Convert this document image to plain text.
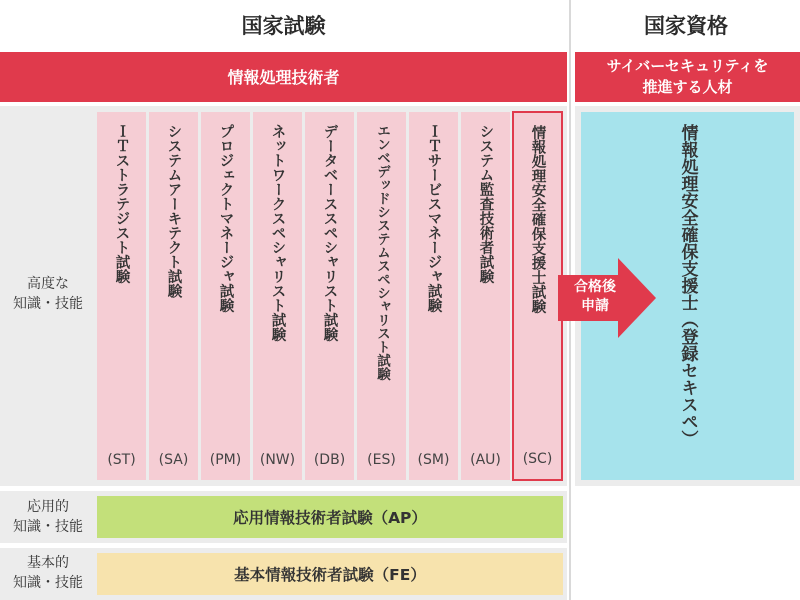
国家試験	国家資格
情報処理技術者
サイバーセキュリティを
推進する人材
高度な
知識・技能
ＩＴストラテジスト試験
(ST)
システムアーキテクト試験
(SA)
プロジェクトマネージャ試験
(PM)
ネットワークスペシャリスト試験
(NW)
データベーススペシャリスト試験
(DB)
エンベデッドシステムスペシャリスト試験
(ES)
ＩＴサービスマネージャ試験
(SM)
システム監査技術者試験
(AU)
情報処理安全確保支援士試験
(SC)
応用的
知識・技能	応用情報技術者試験（AP）
基本的
知識・技能	基本情報技術者試験（FE）
情報処理安全確保支援士（登録セキスペ）
合格後
申請
